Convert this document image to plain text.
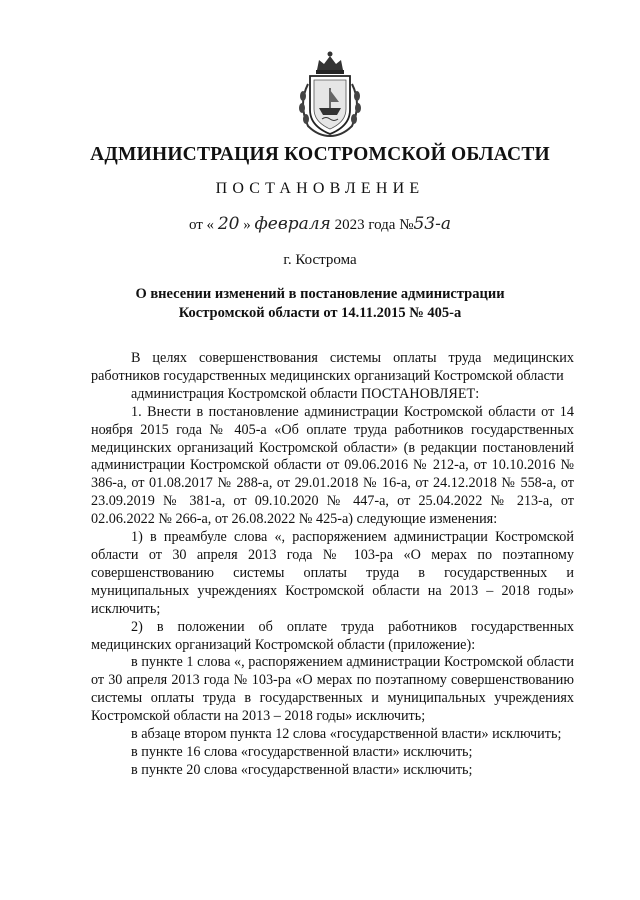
АДМИНИСТРАЦИЯ КОСТРОМСКОЙ ОБЛАСТИ
ПОСТАНОВЛЕНИЕ
от « 20 » февраля 2023 года №53-а
г. Кострома
О внесении изменений в постановление администрации
Костромской области от 14.11.2015 № 405-а

В целях совершенствования системы оплаты труда медицинских работников государственных медицинских организаций Костромской области

администрация Костромской области ПОСТАНОВЛЯЕТ:

1. Внести в постановление администрации Костромской области от 14 ноября 2015 года № 405-а «Об оплате труда работников государственных медицинских организаций Костромской области» (в редакции постановлений администрации Костромской области от 09.06.2016 № 212-а, от 10.10.2016 № 386-а, от 01.08.2017 № 288-а, от 29.01.2018 № 16-а, от 24.12.2018 № 558-а, от 23.09.2019 № 381-а, от 09.10.2020 № 447-а, от 25.04.2022 № 213-а, от 02.06.2022 № 266-а, от 26.08.2022 № 425-а) следующие изменения:

1) в преамбуле слова «, распоряжением администрации Костромской области от 30 апреля 2013 года № 103-ра «О мерах по поэтапному совершенствованию системы оплаты труда в государственных и муниципальных учреждениях Костромской области на 2013 – 2018 годы» исключить;

2) в положении об оплате труда работников государственных медицинских организаций Костромской области (приложение):

в пункте 1 слова «, распоряжением администрации Костромской области от 30 апреля 2013 года № 103-ра «О мерах по поэтапному совершенствованию системы оплаты труда в государственных и муниципальных учреждениях Костромской области на 2013 – 2018 годы» исключить;

в абзаце втором пункта 12 слова «государственной власти» исключить;

в пункте 16 слова «государственной власти» исключить;

в пункте 20 слова «государственной власти» исключить;
